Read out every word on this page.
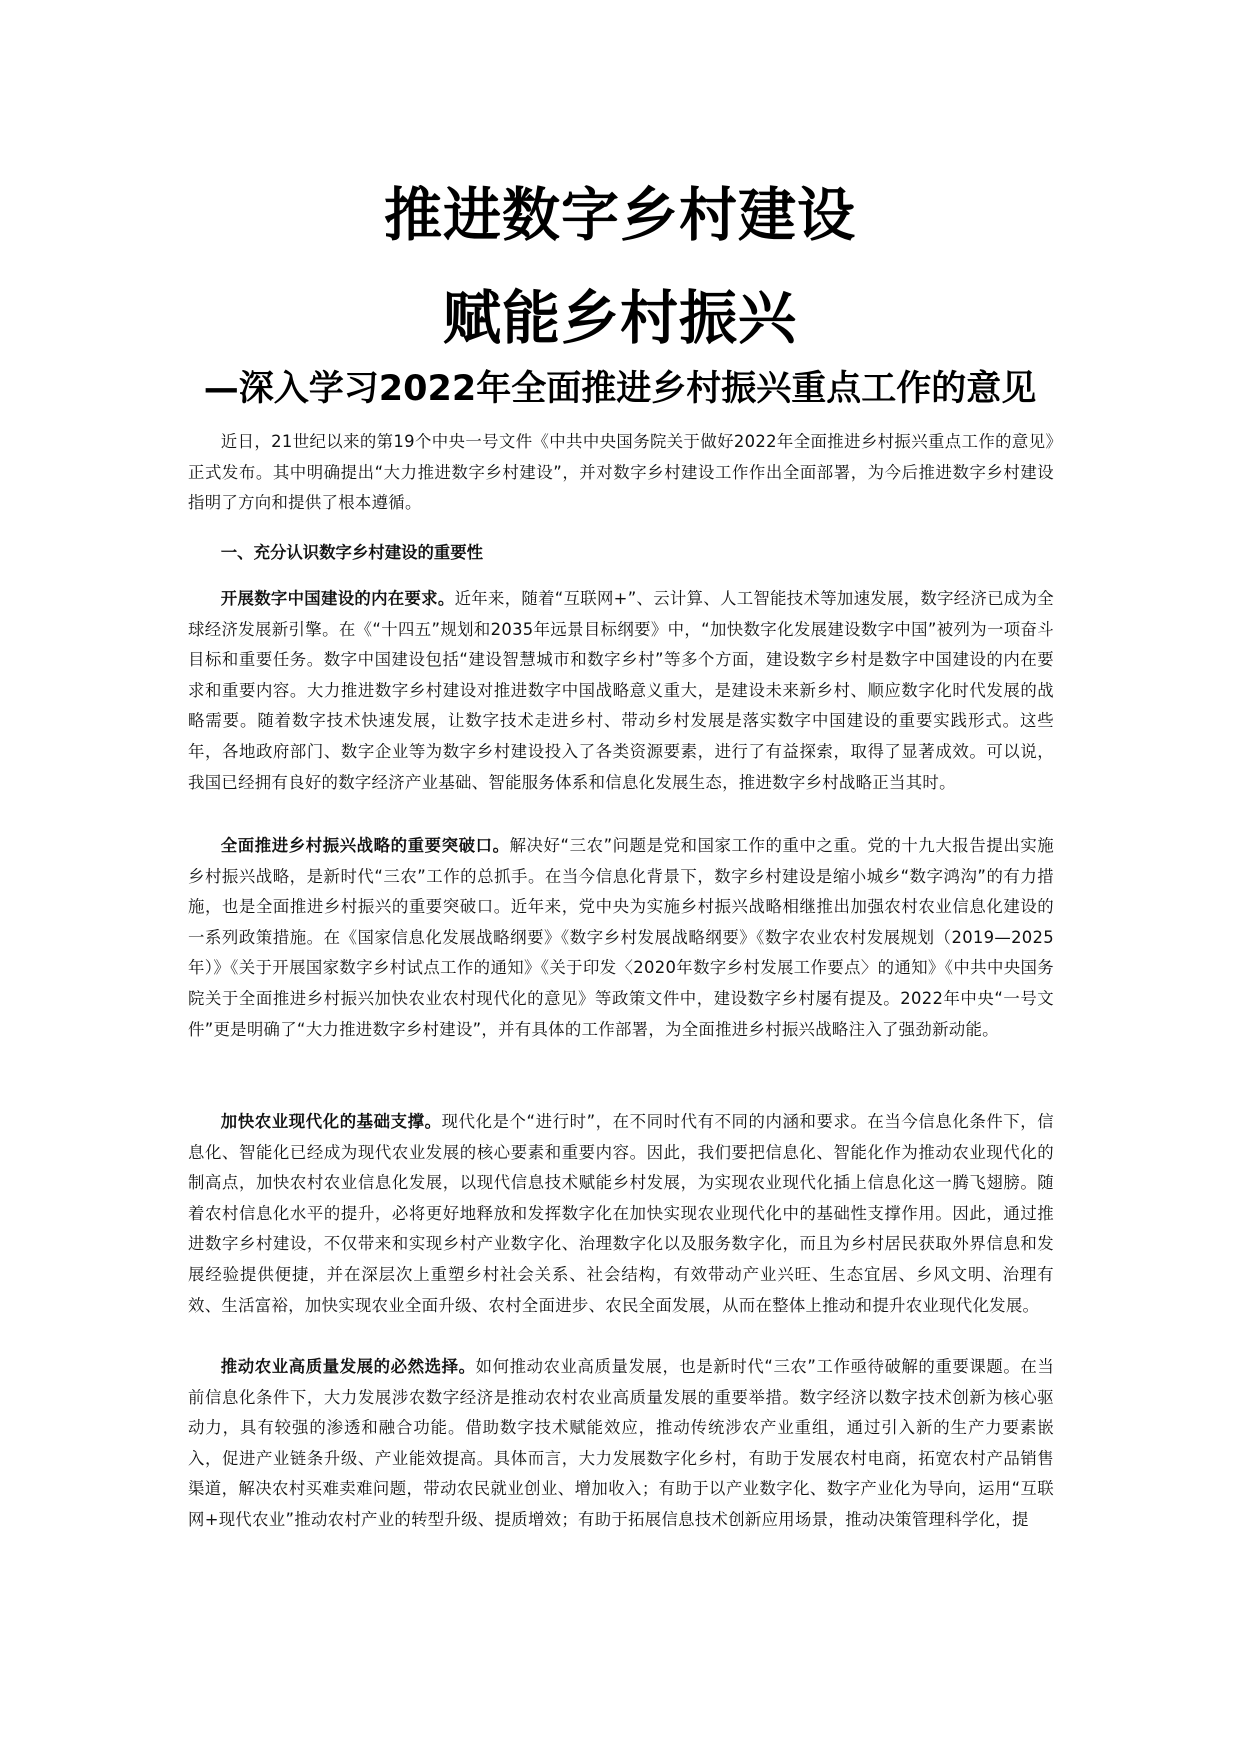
推进数字乡村建设
赋能乡村振兴
—深入学习2022年全面推进乡村振兴重点工作的意见

近日，21世纪以来的第19个中央一号文件《中共中央国务院关于做好2022年全面推进乡村振兴重点工作的意见》正式发布。其中明确提出“大力推进数字乡村建设”，并对数字乡村建设工作作出全面部署，为今后推进数字乡村建设指明了方向和提供了根本遵循。

一、充分认识数字乡村建设的重要性

开展数字中国建设的内在要求。近年来，随着“互联网+”、云计算、人工智能技术等加速发展，数字经济已成为全球经济发展新引擎。在《“十四五”规划和2035年远景目标纲要》中，“加快数字化发展建设数字中国”被列为一项奋斗目标和重要任务。数字中国建设包括“建设智慧城市和数字乡村”等多个方面，建设数字乡村是数字中国建设的内在要求和重要内容。大力推进数字乡村建设对推进数字中国战略意义重大，是建设未来新乡村、顺应数字化时代发展的战略需要。随着数字技术快速发展，让数字技术走进乡村、带动乡村发展是落实数字中国建设的重要实践形式。这些年，各地政府部门、数字企业等为数字乡村建设投入了各类资源要素，进行了有益探索，取得了显著成效。可以说，我国已经拥有良好的数字经济产业基础、智能服务体系和信息化发展生态，推进数字乡村战略正当其时。

全面推进乡村振兴战略的重要突破口。解决好“三农”问题是党和国家工作的重中之重。党的十九大报告提出实施乡村振兴战略，是新时代“三农”工作的总抓手。在当今信息化背景下，数字乡村建设是缩小城乡“数字鸿沟”的有力措施，也是全面推进乡村振兴的重要突破口。近年来，党中央为实施乡村振兴战略相继推出加强农村农业信息化建设的一系列政策措施。在《国家信息化发展战略纲要》《数字乡村发展战略纲要》《数字农业农村发展规划（2019—2025年）》《关于开展国家数字乡村试点工作的通知》《关于印发〈2020年数字乡村发展工作要点〉的通知》《中共中央国务院关于全面推进乡村振兴加快农业农村现代化的意见》等政策文件中，建设数字乡村屡有提及。2022年中央“一号文件”更是明确了“大力推进数字乡村建设”，并有具体的工作部署，为全面推进乡村振兴战略注入了强劲新动能。

加快农业现代化的基础支撑。现代化是个“进行时”，在不同时代有不同的内涵和要求。在当今信息化条件下，信息化、智能化已经成为现代农业发展的核心要素和重要内容。因此，我们要把信息化、智能化作为推动农业现代化的制高点，加快农村农业信息化发展，以现代信息技术赋能乡村发展，为实现农业现代化插上信息化这一腾飞翅膀。随着农村信息化水平的提升，必将更好地释放和发挥数字化在加快实现农业现代化中的基础性支撑作用。因此，通过推进数字乡村建设，不仅带来和实现乡村产业数字化、治理数字化以及服务数字化，而且为乡村居民获取外界信息和发展经验提供便捷，并在深层次上重塑乡村社会关系、社会结构，有效带动产业兴旺、生态宜居、乡风文明、治理有效、生活富裕，加快实现农业全面升级、农村全面进步、农民全面发展，从而在整体上推动和提升农业现代化发展。

推动农业高质量发展的必然选择。如何推动农业高质量发展，也是新时代“三农”工作亟待破解的重要课题。在当前信息化条件下，大力发展涉农数字经济是推动农村农业高质量发展的重要举措。数字经济以数字技术创新为核心驱动力，具有较强的渗透和融合功能。借助数字技术赋能效应，推动传统涉农产业重组，通过引入新的生产力要素嵌入，促进产业链条升级、产业能效提高。具体而言，大力发展数字化乡村，有助于发展农村电商，拓宽农村产品销售渠道，解决农村买难卖难问题，带动农民就业创业、增加收入；有助于以产业数字化、数字产业化为导向，运用“互联网+现代农业”推动农村产业的转型升级、提质增效；有助于拓展信息技术创新应用场景，推动决策管理科学化，提
